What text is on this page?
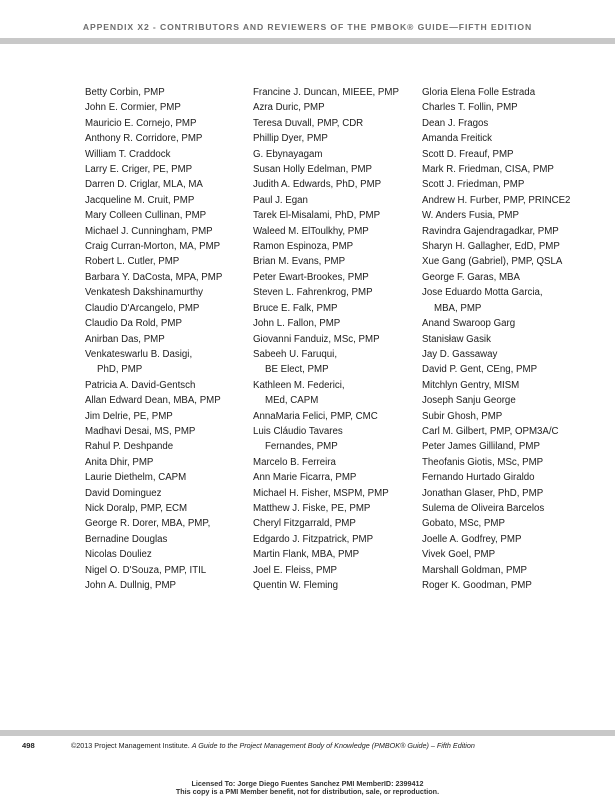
APPENDIX X2 - CONTRIBUTORS AND REVIEWERS OF THE PMBOK® GUIDE—FIFTH EDITION
Betty Corbin, PMP
John E. Cormier, PMP
Mauricio E. Cornejo, PMP
Anthony R. Corridore, PMP
William T. Craddock
Larry E. Criger, PE, PMP
Darren D. Criglar, MLA, MA
Jacqueline M. Cruit, PMP
Mary Colleen Cullinan, PMP
Michael J. Cunningham, PMP
Craig Curran-Morton, MA, PMP
Robert L. Cutler, PMP
Barbara Y. DaCosta, MPA, PMP
Venkatesh Dakshinamurthy
Claudio D'Arcangelo, PMP
Claudio Da Rold, PMP
Anirban Das, PMP
Venkateswarlu B. Dasigi,
PhD, PMP
Patricia A. David-Gentsch
Allan Edward Dean, MBA, PMP
Jim Delrie, PE, PMP
Madhavi Desai, MS, PMP
Rahul P. Deshpande
Anita Dhir, PMP
Laurie Diethelm, CAPM
David Dominguez
Nick Doralp, PMP, ECM
George R. Dorer, MBA, PMP,
Bernadine Douglas
Nicolas Douliez
Nigel O. D'Souza, PMP, ITIL
John A. Dullnig, PMP
Francine J. Duncan, MIEEE, PMP
Azra Duric, PMP
Teresa Duvall, PMP, CDR
Phillip Dyer, PMP
G. Ebynayagam
Susan Holly Edelman, PMP
Judith A. Edwards, PhD, PMP
Paul J. Egan
Tarek El-Misalami, PhD, PMP
Waleed M. ElToulkhy, PMP
Ramon Espinoza, PMP
Brian M. Evans, PMP
Peter Ewart-Brookes, PMP
Steven L. Fahrenkrog, PMP
Bruce E. Falk, PMP
John L. Fallon, PMP
Giovanni Fanduiz, MSc, PMP
Sabeeh U. Faruqui,
BE Elect, PMP
Kathleen M. Federici,
MEd, CAPM
AnnaMaria Felici, PMP, CMC
Luis Cláudio Tavares
Fernandes, PMP
Marcelo B. Ferreira
Ann Marie Ficarra, PMP
Michael H. Fisher, MSPM, PMP
Matthew J. Fiske, PE, PMP
Cheryl Fitzgarrald, PMP
Edgardo J. Fitzpatrick, PMP
Martin Flank, MBA, PMP
Joel E. Fleiss, PMP
Quentin W. Fleming
Gloria Elena Folle Estrada
Charles T. Follin, PMP
Dean J. Fragos
Amanda Freitick
Scott D. Freauf, PMP
Mark R. Friedman, CISA, PMP
Scott J. Friedman, PMP
Andrew H. Furber, PMP, PRINCE2
W. Anders Fusia, PMP
Ravindra Gajendragadkar, PMP
Sharyn H. Gallagher, EdD, PMP
Xue Gang (Gabriel), PMP, QSLA
George F. Garas, MBA
Jose Eduardo Motta Garcia,
MBA, PMP
Anand Swaroop Garg
Stanisław Gasik
Jay D. Gassaway
David P. Gent, CEng, PMP
Mitchlyn Gentry, MISM
Joseph Sanju George
Subir Ghosh, PMP
Carl M. Gilbert, PMP, OPM3A/C
Peter James Gilliland, PMP
Theofanis Giotis, MSc, PMP
Fernando Hurtado Giraldo
Jonathan Glaser, PhD, PMP
Sulema de Oliveira Barcelos
Gobato, MSc, PMP
Joelle A. Godfrey, PMP
Vivek Goel, PMP
Marshall Goldman, PMP
Roger K. Goodman, PMP
498	©2013 Project Management Institute. A Guide to the Project Management Body of Knowledge (PMBOK® Guide) – Fifth Edition
Licensed To: Jorge Diego Fuentes Sanchez PMI MemberID: 2399412
This copy is a PMI Member benefit, not for distribution, sale, or reproduction.
